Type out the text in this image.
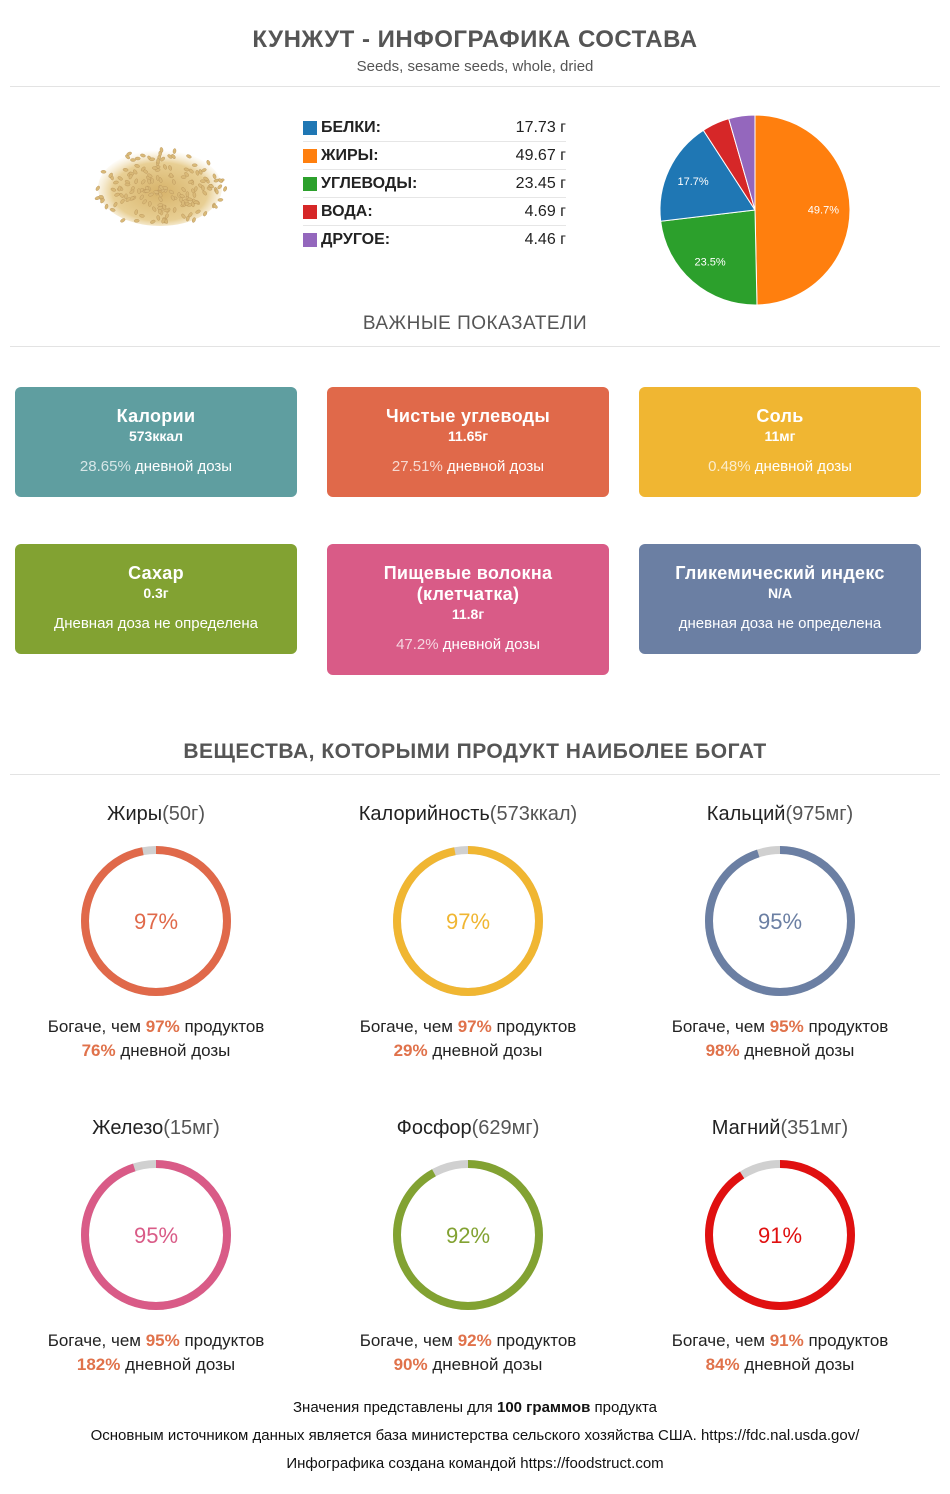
КУНЖУТ - ИНФОГРАФИКА СОСТАВА
Seeds, sesame seeds, whole, dried
БЕЛКИ:	17.73 г
ЖИРЫ:	49.67 г
УГЛЕВОДЫ:	23.45 г
ВОДА:	4.69 г
ДРУГОЕ:	4.46 г
49.7%
23.5%
17.7%
ВАЖНЫЕ ПОКАЗАТЕЛИ
Калории
573ккал
28.65% дневной дозы
Чистые углеводы
11.65г
27.51% дневной дозы
Соль
11мг
0.48% дневной дозы
Сахар
0.3г
Дневная доза не определена
Пищевые волокна (клетчатка)
11.8г
47.2% дневной дозы
Гликемический индекс
N/A
дневная доза не определена
ВЕЩЕСТВА, КОТОРЫМИ ПРОДУКТ НАИБОЛЕЕ БОГАТ
Жиры(50г)
97%
Богаче, чем 97% продуктов
76% дневной дозы
Калорийность(573ккал)
97%
Богаче, чем 97% продуктов
29% дневной дозы
Кальций(975мг)
95%
Богаче, чем 95% продуктов
98% дневной дозы
Железо(15мг)
95%
Богаче, чем 95% продуктов
182% дневной дозы
Фосфор(629мг)
92%
Богаче, чем 92% продуктов
90% дневной дозы
Магний(351мг)
91%
Богаче, чем 91% продуктов
84% дневной дозы
Значения представлены для 100 граммов продукта
Основным источником данных является база министерства сельского хозяйства США. https://fdc.nal.usda.gov/
Инфографика создана командой https://foodstruct.com
